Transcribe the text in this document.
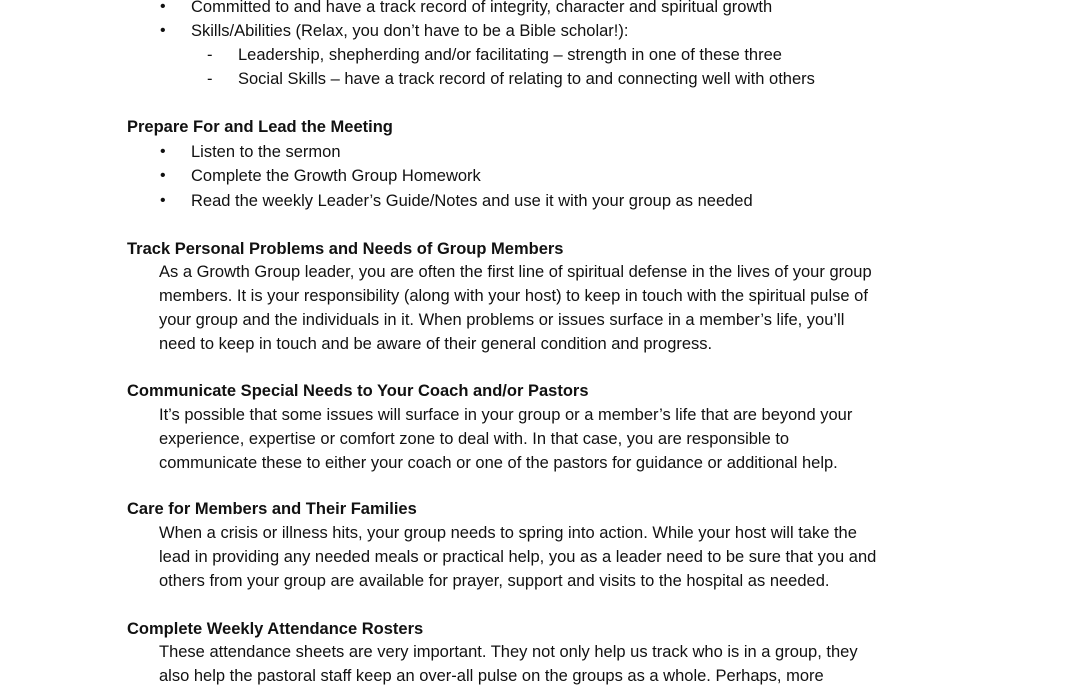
• Committed to and have a track record of integrity, character and spiritual growth
• Skills/Abilities (Relax, you don’t have to be a Bible scholar!):
- Leadership, shepherding and/or facilitating – strength in one of these three
- Social Skills – have a track record of relating to and connecting well with others
Prepare For and Lead the Meeting
• Listen to the sermon
• Complete the Growth Group Homework
• Read the weekly Leader’s Guide/Notes and use it with your group as needed
Track Personal Problems and Needs of Group Members
As a Growth Group leader, you are often the first line of spiritual defense in the lives of your group
members. It is your responsibility (along with your host) to keep in touch with the spiritual pulse of
your group and the individuals in it. When problems or issues surface in a member’s life, you’ll
need to keep in touch and be aware of their general condition and progress.
Communicate Special Needs to Your Coach and/or Pastors
It’s possible that some issues will surface in your group or a member’s life that are beyond your
experience, expertise or comfort zone to deal with. In that case, you are responsible to
communicate these to either your coach or one of the pastors for guidance or additional help.
Care for Members and Their Families
When a crisis or illness hits, your group needs to spring into action. While your host will take the
lead in providing any needed meals or practical help, you as a leader need to be sure that you and
others from your group are available for prayer, support and visits to the hospital as needed.
Complete Weekly Attendance Rosters
These attendance sheets are very important. They not only help us track who is in a group, they
also help the pastoral staff keep an over-all pulse on the groups as a whole. Perhaps, more
